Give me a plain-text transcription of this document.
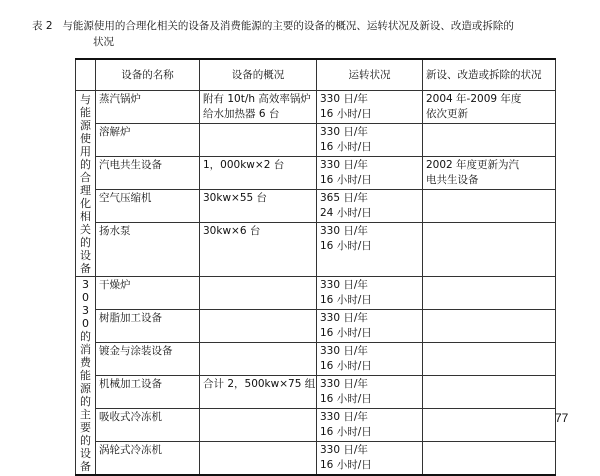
表 2 与能源使用的合理化相关的设备及消费能源的主要的设备的概况、运转状况及新设、改造或拆除的
状况

	设备的名称	设备的概况	运转状况	新设、改造或拆除的状况
与能源使用的合理化相关的设备	蒸汽锅炉	附有 10t/h 高效率锅炉
给水加热器 6 台	330 日/年
16 小时/日	2004 年-2009 年度
依次更新

	溶解炉		330 日/年
16 小时/日	

	汽电共生设备	1，000kw×2 台	330 日/年
16 小时/日	2002 年度更新为汽
电共生设备

	空气压缩机	30kw×55 台	365 日/年
24 小时/日	

	扬水泵	30kw×6 台	330 日/年
16 小时/日	

3030的消费能源的主要的设备	干燥炉		330 日/年
16 小时/日	

	树脂加工设备		330 日/年
16 小时/日	

	镀金与涂装设备		330 日/年
16 小时/日	

	机械加工设备	合计 2，500kw×75 组	330 日/年
16 小时/日	

	吸收式冷冻机		330 日/年
16 小时/日	

	涡轮式冷冻机		330 日/年
16 小时/日	

77
